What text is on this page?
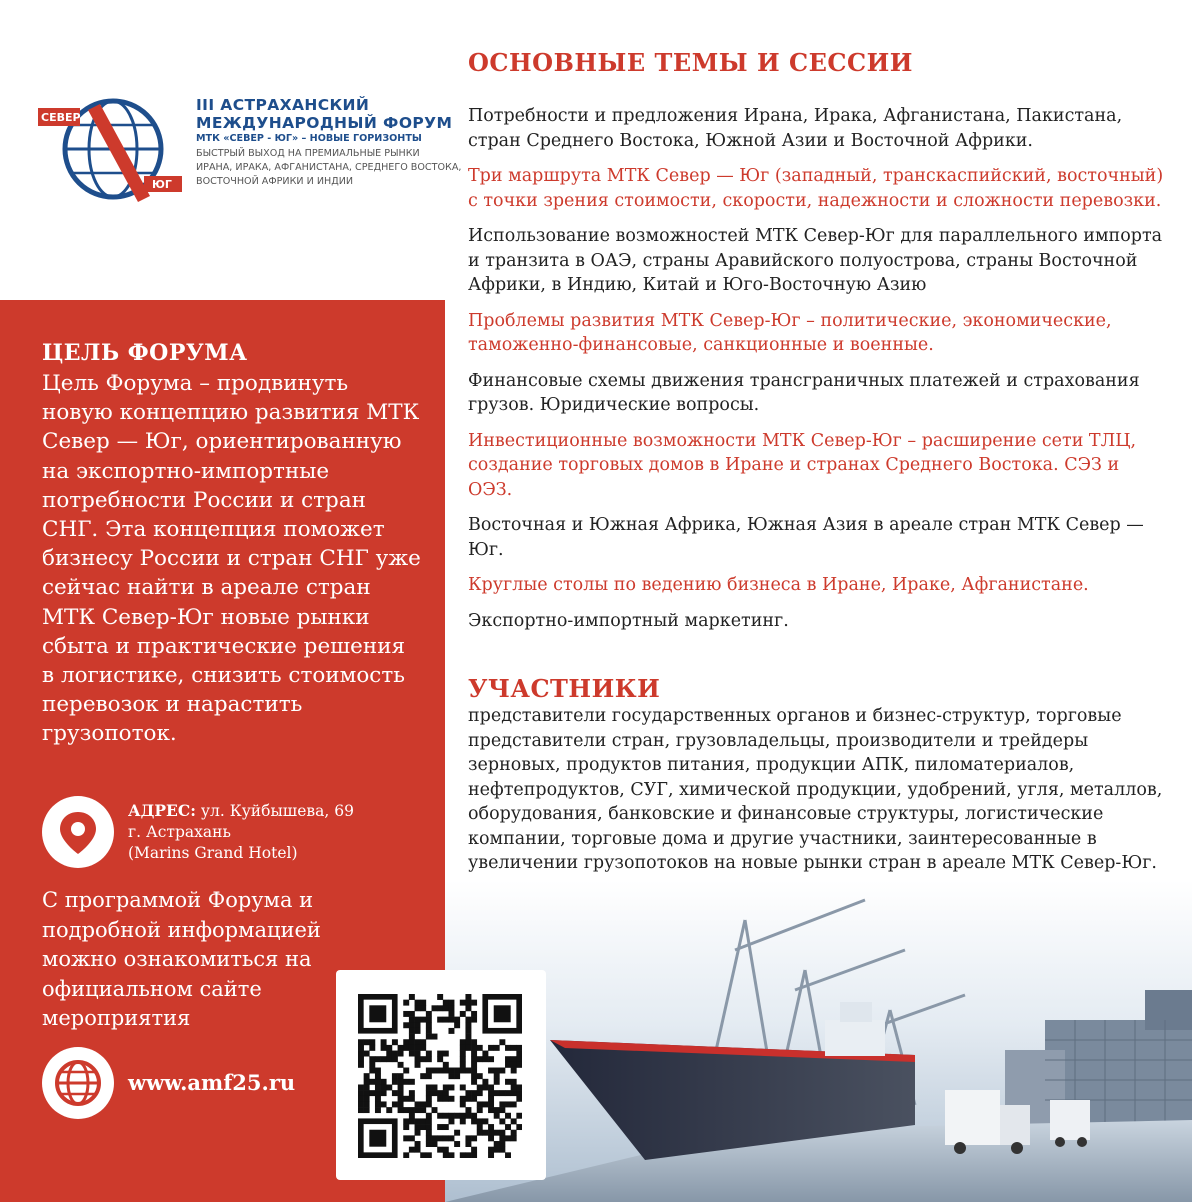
СЕВЕР
ЮГ
III АСТРАХАНСКИЙ
МЕЖДУНАРОДНЫЙ ФОРУМ
МТК «СЕВЕР - ЮГ» – НОВЫЕ ГОРИЗОНТЫ
БЫСТРЫЙ ВЫХОД НА ПРЕМИАЛЬНЫЕ РЫНКИ
ИРАНА, ИРАКА, АФГАНИСТАНА, СРЕДНЕГО ВОСТОКА,
ВОСТОЧНОЙ АФРИКИ И ИНДИИ
ЦЕЛЬ ФОРУМА
Цель Форума – продвинуть новую концепцию развития МТК Север — Юг, ориентированную на экспортно-импортные потребности России и стран СНГ. Эта концепция поможет бизнесу России и стран СНГ уже сейчас найти в ареале стран МТК Север-Юг новые рынки сбыта и практические решения в логистике, снизить стоимость перевозок и нарастить грузопоток.
АДРЕС: ул. Куйбышева, 69
г. Астрахань
(Marins Grand Hotel)
С программой Форума и подробной информацией можно ознакомиться на официальном сайте мероприятия
www.amf25.ru
ОСНОВНЫЕ ТЕМЫ И СЕССИИ
Потребности и предложения Ирана, Ирака, Афганистана, Пакистана, стран Среднего Востока, Южной Азии и Восточной Африки.
Три маршрута МТК Север — Юг (западный, транскаспийский, восточный) с точки зрения стоимости, скорости, надежности и сложности перевозки.
Использование возможностей МТК Север-Юг для параллельного импорта и транзита в ОАЭ, страны Аравийского полуострова, страны Восточной Африки, в Индию, Китай и Юго-Восточную Азию
Проблемы развития МТК Север-Юг – политические, экономические, таможенно-финансовые, санкционные и военные.
Финансовые схемы движения трансграничных платежей и страхования грузов. Юридические вопросы.
Инвестиционные возможности МТК Север-Юг – расширение сети ТЛЦ, создание торговых домов в Иране и странах Среднего Востока. СЭЗ и ОЭЗ.
Восточная и Южная Африка, Южная Азия в ареале стран МТК Север — Юг.
Круглые столы по ведению бизнеса в Иране, Ираке, Афганистане.
Экспортно-импортный маркетинг.
УЧАСТНИКИ
представители государственных органов и бизнес-структур, торговые представители стран, грузовладельцы, производители и трейдеры зерновых, продуктов питания, продукции АПК, пиломатериалов, нефтепродуктов, СУГ, химической продукции, удобрений, угля, металлов, оборудования, банковские и финансовые структуры, логистические компании, торговые дома и другие участники, заинтересованные в увеличении грузопотоков на новые рынки стран в ареале МТК Север-Юг.
